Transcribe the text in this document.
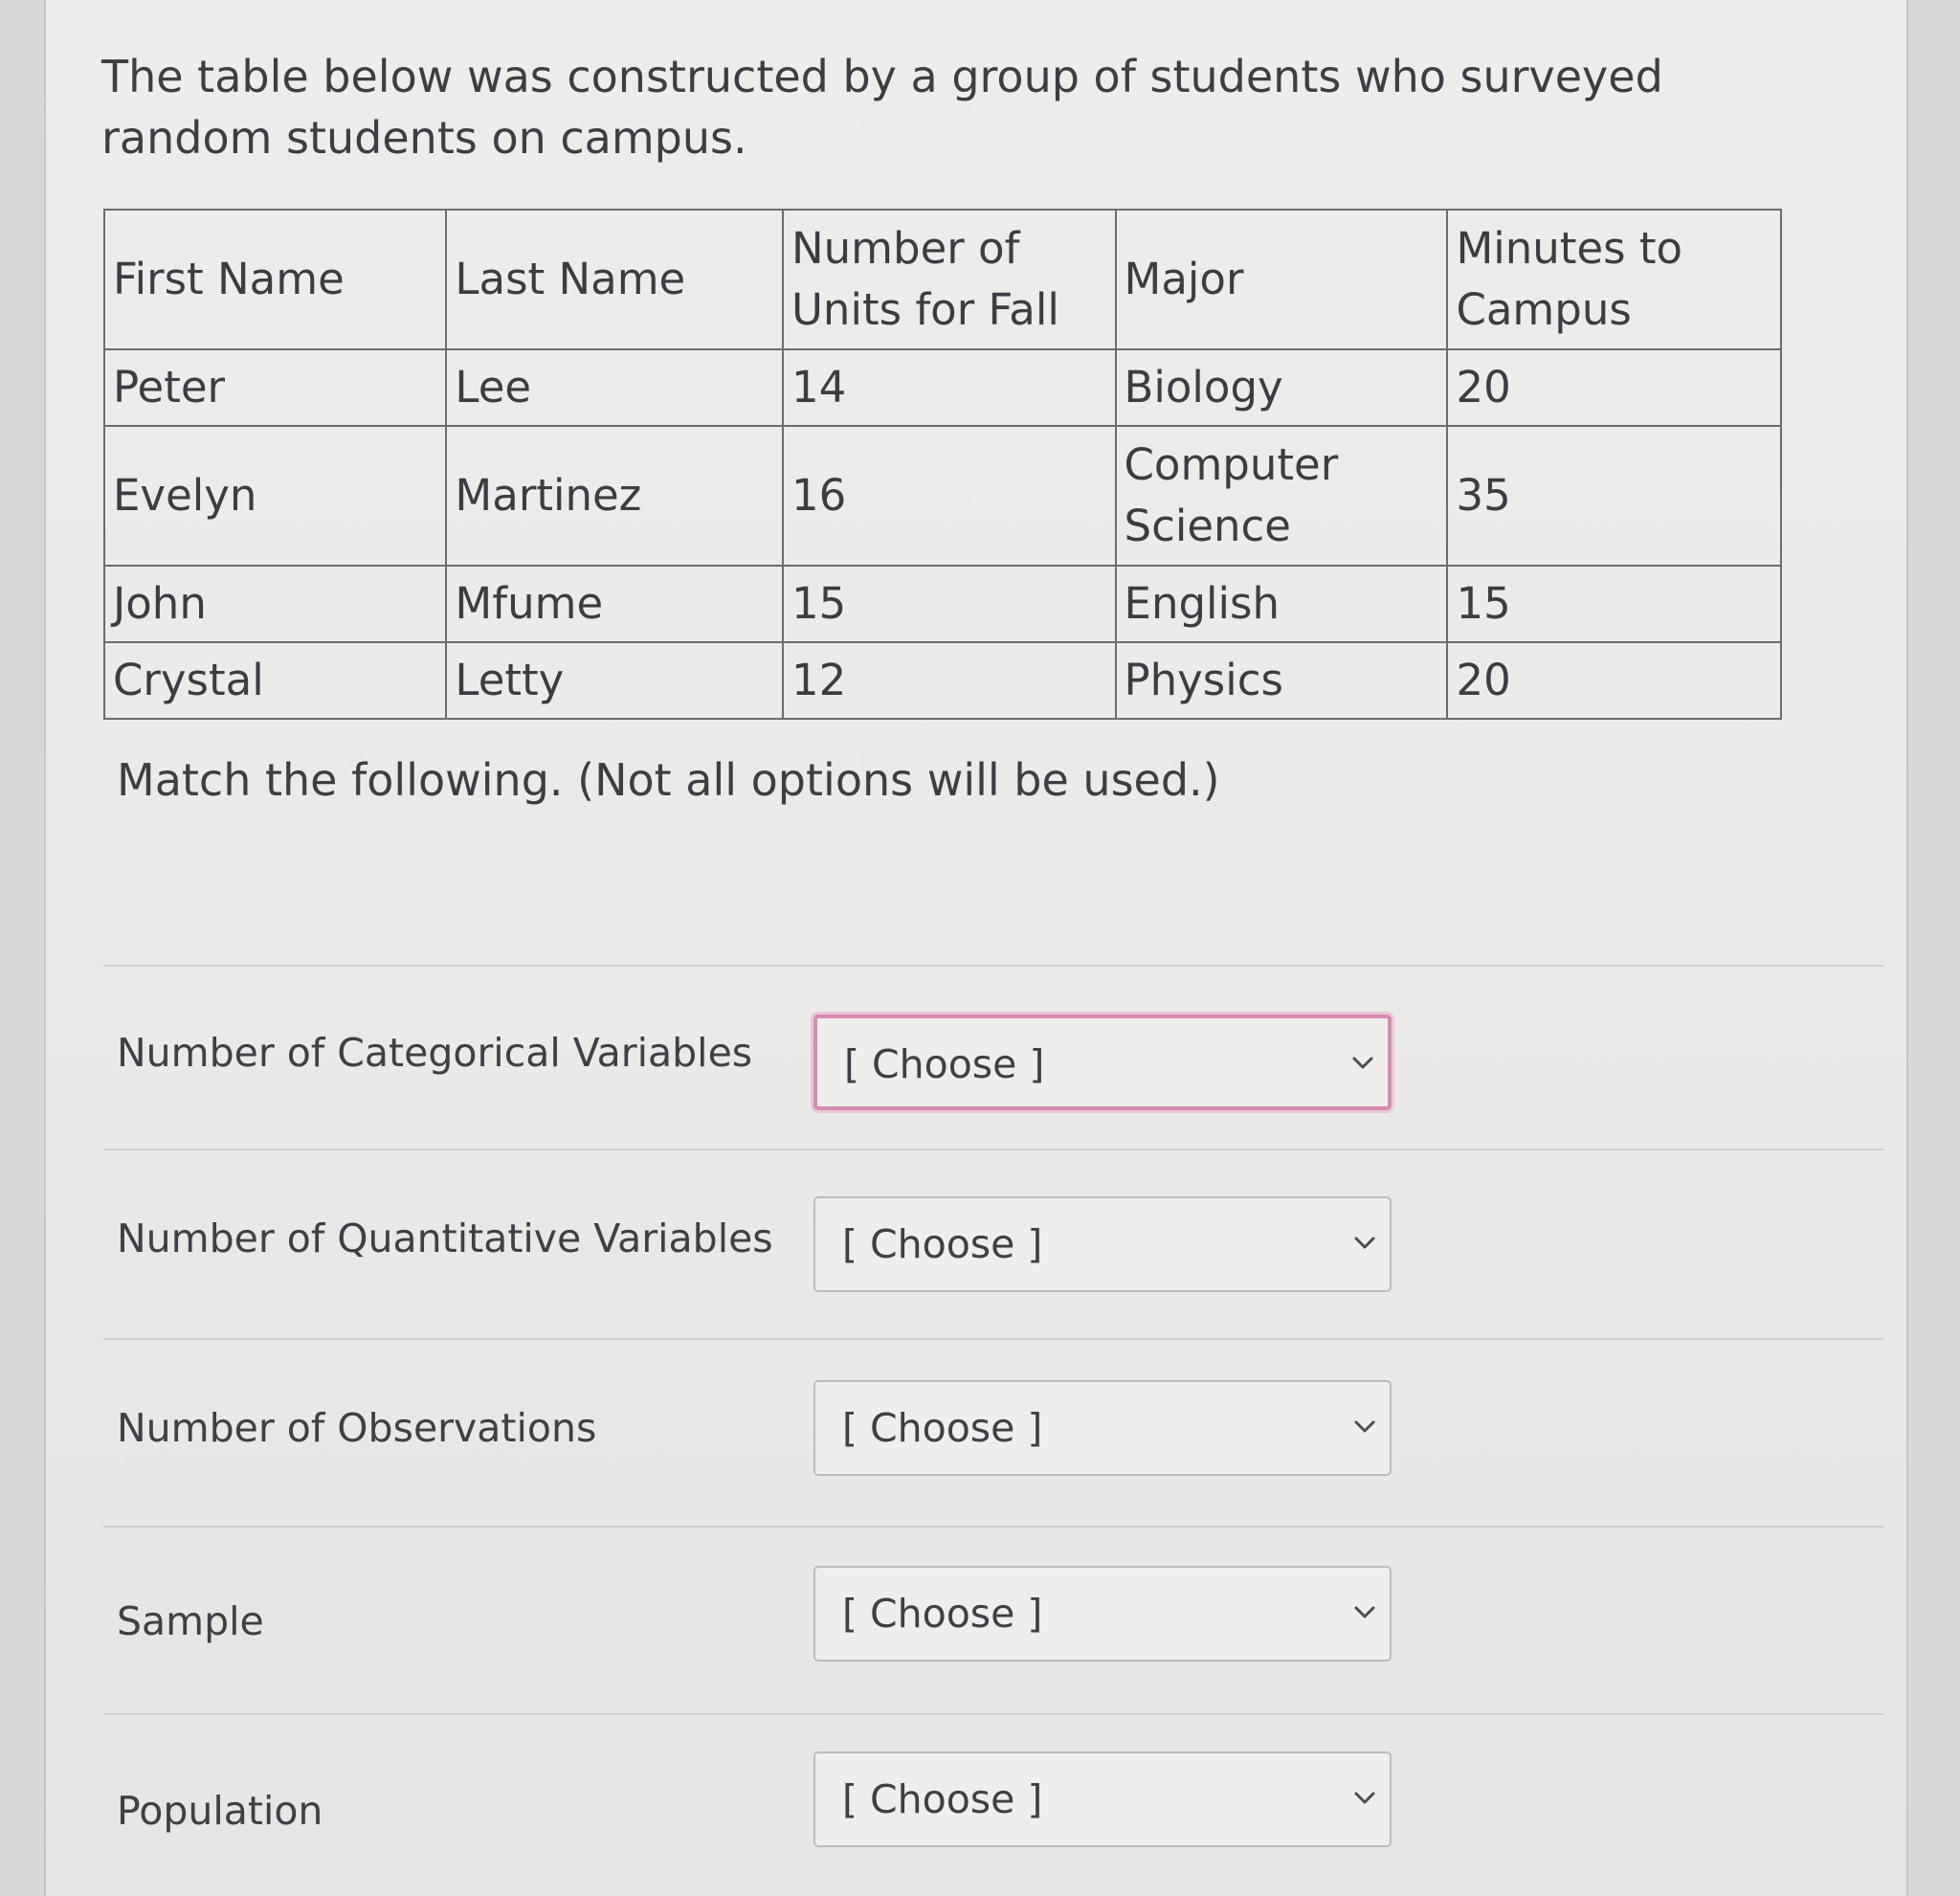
The table below was constructed by a group of students who surveyed random students on campus.

First Name	Last Name	Number of Units for Fall	Major	Minutes to Campus
Peter	Lee	14	Biology	20
Evelyn	Martinez	16	Computer Science	35
John	Mfume	15	English	15
Crystal	Letty	12	Physics	20

Match the following. (Not all options will be used.)

Number of Categorical Variables [ Choose ]
Number of Quantitative Variables [ Choose ]
Number of Observations	[ Choose ]
Sample	[ Choose ]
Population	[ Choose ]
